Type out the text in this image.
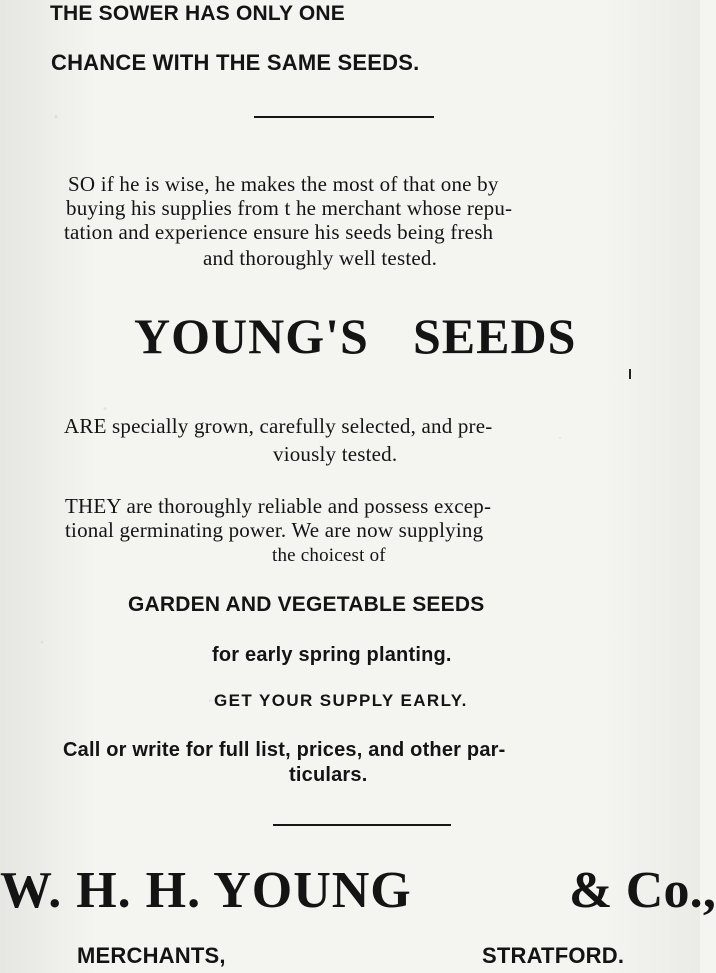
THE SOWER HAS ONLY ONE
CHANCE WITH THE SAME SEEDS.
SO if he is wise, he makes the most of that one by
buying his supplies from t he merchant whose repu-
tation and experience ensure his seeds being fresh
and thoroughly well tested.
YOUNG'S SEEDS
ARE specially grown, carefully selected, and pre-
viously tested.
THEY are thoroughly reliable and possess excep-
tional germinating power. We are now supplying
the choicest of
GARDEN AND VEGETABLE SEEDS
for early spring planting.
GET YOUR SUPPLY EARLY.
Call or write for full list, prices, and other par-
ticulars.
W. H. H. YOUNG	& Co.,
MERCHANTS,	STRATFORD.
